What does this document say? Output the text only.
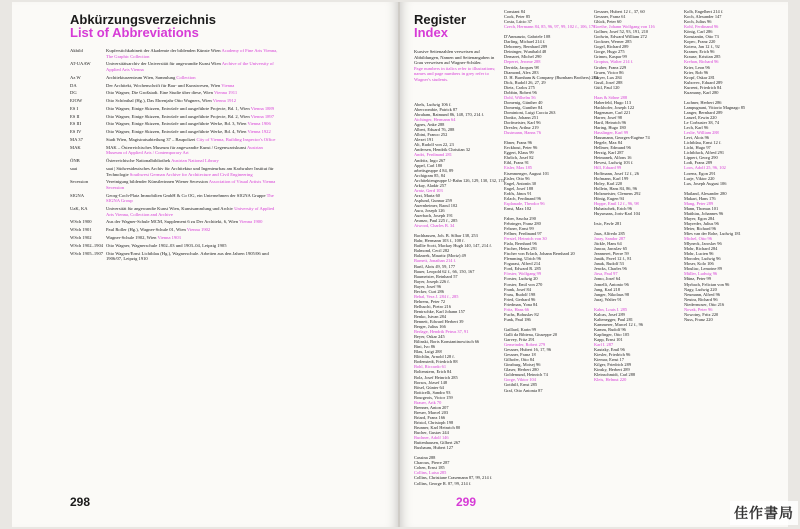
Abkürzungsverzeichnis
List of Abbreviations
Akbild	Kupferstichkabinett der Akademie der bildenden Künste Wien Academy of Fine Arts Vienna, The Graphic Collection
AT-UAAW	Universitätsarchiv der Universität für angewandte Kunst Wien Archive of the University of Applied Arts Vienna
Az W	Architekturzentrum Wien, Sammlung Collection
DA	Der Architekt, Wochenschrift für Bau- und Kunstwesen, Wien Vienna
DG	Otto Wagner, Die Großstadt. Eine Studie über diese, Wien Vienna 1911
EJOW	Otto Schönthal (Hg.), Das Ehrenjahr Otto Wagners, Wien Vienna 1912
ES I	Otto Wagner, Einige Skizzen, Entwürfe und ausgeführte Projecte, Bd. 1, Wien Vienna 1889
ES II	Otto Wagner, Einige Skizzen, Entwürfe und ausgeführte Projecte, Bd. 2, Wien Vienna 1897
ES III	Otto Wagner, Einige Skizzen, Entwürfe und ausgeführte Werke, Bd. 3, Wien Vienna 1906
ES IV	Otto Wagner, Einige Skizzen, Entwürfe und ausgeführte Werke, Bd. 4, Wien Vienna 1922
MA 37	Stadt Wien, Magistratsabteilung 37 – Baupolizei City of Vienna, Building Inspector's Office
MAK	MAK – Österreichisches Museum für angewandte Kunst / Gegenwartskunst Austrian Museum of Applied Arts / Contemporary Art
ÖNB	Österreichische Nationalbibliothek Austrian National Library
saai	saai | Südwestdeutsches Archiv für Architektur und Ingenieurbau am Karlsruher Institut für Technologie Southwest German Archive for Architecture and Civil Engineering
Secession	Vereinigung bildender Künstlerinnen Wiener Secession Association of Visual Artists Vienna Secession
SIGNA	Georg-Coch-Platz Immobilien GmbH & Co OG, ein Unternehmen der SIGNA Gruppe The SIGNA Group
UaK, KA	Universität für angewandte Kunst Wien, Kunstsammlung und Archiv University of Applied Arts Vienna, Collection and Archive
WSch 1900	Aus der Wagner-Schule MCM, Supplement 6 zu Der Architekt, 6, Wien Vienna 1900
WSch 1901	Paul Roller (Hg.), Wagner-Schule 01, Wien Vienna 1902
WSch 1902	Wagner-Schule 1902, Wien Vienna 1903
WSch 1902–1904 Otto Wagner, Wagnerschule 1902–03 und 1903–04, Leipzig 1905
WSch 1905–1907 Otto Wagner/Ernst Lichtblau (Hg.), Wagnerschule. Arbeiten aus den Jahren 1905/06 und 1906/07, Leipzig 1910
298
Register
Index
Kursive Seitenzahlen verweisen auf Abbildungen, Namen und Seitenangaben in Grau verweisen auf Wagner-Schüler.
Page numbers in italics refer to illustrations; names and page numbers in grey refer to Wagner's students.
Abels, Ludwig 106 f.
Abercrombie, Patrick 87
Abraham, Raimund 86, 148, 170, 214 f.
Aichinger, Hermann 64
Agnes, Anke 288
Albert, Eduard 76, 288
Albini, Franco 252
Alexei 191
Alt, Rudolf von 22, 23
Andersen, Hendrik Christian 32
Andri, Ferdinand 281
Andritz, Ingo 267
Appel, Carl 180
arbeitsgruppe 4 84, 89
Archigram 85, 84
Architektengruppe U-Bahn 126, 129, 130, 132, 174
Arkay, Aladár 257
Arntz, Gerd 103
Arzt, Maria 60
Asplund, Gunnar 259
Auernheimer, Raoul 102
Aura, Joseph 126
Auerbach, Joseph 191
Avanzo, Paul 225 f., 285
Atwood, Charles B. 34

Bachhausen, Joh. B. Silbar 138, 253
Bahr, Hermann 103 f., 108 f.
Baillie Scott, Mackay Hugh 140, 147, 214 f.
Balmond, Cecil 282
Balzarek, Mauritz (Moriz) 49
Barnett, Jonathan 214 f.
Bartl, Alois 49, 59, 177
Bauer, Leopold 62 f., 66, 150, 167
Baumeister, Reinhard 57
Bayer, Joseph 226 f.
Bayer, Josef 96
Becker, Curt 286
Behal, Vera J. 284 f., 285
Behrens, Peter 72
Belluschi, Pietro 216
Benirschke, Karl Johann 157
Benko, Istvan 284
Bennett, Edward Herbert 39
Berger, Julius 166
Berlage, Hendrik Petrus 37, 91
Beyer, Oskar 245
Bilinski, Boris Konstantinowitsch 66
Bini, Ivo 86
Blau, Luigi 288
Blöchlin, Arnold 128 f.
Bodenstedt, Friedrich 88
Bohl, Riccardo 61
Boltenstern, Erich 84
Bolz, Josef Heinrich 285
Borsos, József 148
Bösel, Günter 64
Botticelli, Sandro 93
Bourgeois, Victor 159
Brauer, Arik 70
Brenner, Anton 207
Breuer, Marcel 203
Briard, Franz 166
Bristol, Christoph 198
Brunner, Karl Heinrich 80
Bucher, Gustav 244
Buchner, Adolf 146
Buttenhausen, Gilbert 267
Buxbaum, Hubert 127

Cassina 288
Charoux, Pierre 287
Cohen, Ernst 185
Collins, Luisa 285
Collins, Christiane Crasemann 87, 99, 214 f.
Collins, George R. 87, 99, 214 f.
Constant 84
Cook, Peter 85
Costa, Lúcio 37
Czech, Hermann 84, 85, 96, 97, 99, 102 f., 106, 170

D'Annunzio, Gabriele 108
Darling, Michael 214 f.
Deborney, Bernhard 289
Deininger, Wunibald 48
Demaret, Michel 290
Deperet, Jerome 288
Derrida, Jacques 98
Diamond, Alex 283
D. H. Burnham & Company (Burnham Brothers) 284
Dick, Rudolf 26, 27, 29
Dietz, Carlos 275
Dobbin, Robert 96
Dohl, Wilhelm 56
Domenig, Günther 40
Domenig, Gunther 84
Dominioni, Luigi Caccia 263
Donko, Johann 251
Dorfmeister, Karl 96
Drexler, Arthur 219
Dustmann, Hanns 76

Ebner, Franz 96
Eeckhout, Peter 96
Eggert, Klaus 99
Ehrlich, Josef 82
Eibl, Franz 91
Eisler, Max 185
Eisenmenger, August 101
Eisler, Otto 96
Engel, Antonín 30
Engel, Josef 188
Erdős, János 91
Erlach, Ferdinand 96
Esplanade, Theodor 96
Ernst, Max 102

Faber, Sascha 290
Fehringer, Franz 280
Felsner, Ernst 99
Fellner, Ferdinand 97
Ferstel, Heinrich von 30
Fiala, Bernhard 96
Fischer, Heinz 291
Fischer von Erlach, Johann Bernhard 20
Flemming, Ulrich 96
Fogarasi, Alfred 214
Ford, Edward R. 285
Förster, Wolfgang 99
Forster, Ludwig 20
Forster, Emil von 270
Frank, Josef 84
Frass, Rudolf 198
Fried, Gerhard 96
Friedman, Yona 84
Fritz, Hans 66
Fuchs, Bohuslav 82
Funk, Paul 186

Gaillard, Karin 99
Galli da Bibiena, Giuseppe 20
Garvey, Fritz 291
Gemeinder, Robert 279
Gessner, Hubert 16, 17, 96
Gessner, Franz 18
Gilhofer, Otto 84
Ginzburg, Moisej 96
Glaser, Herbert 280
Goldemund, Heinrich 74
Gorge, Viktor 104
Gotthilf, Ernst 285
Graf, Otto Antonia 87
Gessner, Hubert 12 f., 37, 60
Gessner, Franz 61
Glück, Peter 60
Goethe, Johann Wolfgang von 116
Gollner, Josef 52, 93, 191, 210
Godwin, Edward William 272
Gockner, Werner 285
Gogel, Richard 289
Gorge, Hugo 275
Grimm, Kaspar 99
Gropius, Walter 214 f.
Gruber, Franz 229
Gruen, Victor 86
Guyer, Lux 284
Gustl, Josef 288
Gütl, Paul 120

Haas & Söhne 288
Haberfeld, Hugo 113
Hackhofer, Joseph 122
Hagenauer, Carl 221
Harrer, Josef 98
Hartl, Heinrich 96
Haring, Hugo 180
Hasslinger, Karl 99
Hausmann, Georges-Eugène 74
Hegele, Max 84
Hellmer, Edmund 96
Herzig, Karl 287
Hetmanek, Alfons 16
Hevesi, Ludwig 103 f.
Hill, Eduard 99
Hoffmann, Josef 12 f., 26
Hofmann, Karl 199
Holey, Karl 220
Hollein, Hans 84, 86, 96
Holzmeister, Clemens 292
Hönig, Eugen 94
Hoppe, Emil 12 f., 96, 98
Hubatschek, Erich 96
Huysmans, Joris-Karl 104

Irsic, Pavle 281

Jaus, Alfredo 285
Jaray, Sandor 287
Jäckle, Hans 64
Jancar, Jaroslav 65
Jeanneret, Pierre 59
Janák, Pavel 12 f., 81
Janak, Rudolf 53
Jencks, Charles 96
Jirsa, Paul 97
Jomo, Josef 64
Jomelli, Antonio 96
Jung, Karl 218
Junger, Nikolaus 98
Juraj, Walter 91

Kahn, Louis I. 285
Kalcas, Josef 289
Kaltenegger, Paul 281
Kammerer, Marcel 12 f., 96
Kamm, Rudolf 96
Kapfinger, Otto 105
Kapp, Ernst 101
Karl I. 287
Kautzky, Emil 96
Kiesler, Friedrich 96
Kiemar, Ernst 17
Kilger, Friedrich 289
Kinsky, Herbert 289
Kleinschmidt, Carl 288
Kleis, Helmut 220
Kolb, Engelbert 214 f.
Koch, Alexander 147
Koch, Julius 96
Kohl, Ferdinand 96
König, Carl 286
Konstantin, Otto 73
Kopec, Franz 220
Kotera, Jan 12 f., 92
Kramer, Erich 96
Krause, Kristian 285
Krehan, Richard 96
Krier, Leon 96
Krier, Rob 96
Kropf, Oskar 281
Kubovec, Eduard 289
Kurrent, Friedrich 84
Kuzmany, Karl 280

Lachner, Herbert 286
Lampugnani, Vittorio Magnago 85
Langer, Bernhard 289
Lanzel, Erwin 220
Le Corbusier 38, 74
Lech, Karl 96
Leslie, William 288
Levi, Alois 96
Lichtblau, Ernst 12 f.
Licht, Hugo 97
Lichtbluck, Alfred 291
Lippert, Georg 290
Lodi, Franz 289
Loos, Adolf 25, 96, 102
Lorenz, Egon 291
Lurje, Viktor 220
Lux, Joseph August 106

Mailand, Alexander 280
Makart, Hans 176
Mang, Peter 289
Mann, Thomas 101
Matthias, Johannes 96
Mayer, Egon 284
Mayreder, Julius 96
Meier, Richard 96
Mies van der Rohe, Ludwig 181
Michel, Otto 96
Mlyneck, Jaroslav 96
Mohr, Richard 284
Mohr, Lucien 96
Moroder, Ludwig 96
Moser, Kolo 106
Mouliac, Lemoine 89
Müller, Ludwig 96
Münz, Peter 99
Myrbach, Felician von 96
Nagy, Ludwig 220
Neumann, Alfred 96
Neutra, Richard 96
Niedermoser, Otto 216
Novak, Peter 96
Nowotny, Fritz 220
Nuss, Franz 220
299
佳作書局
